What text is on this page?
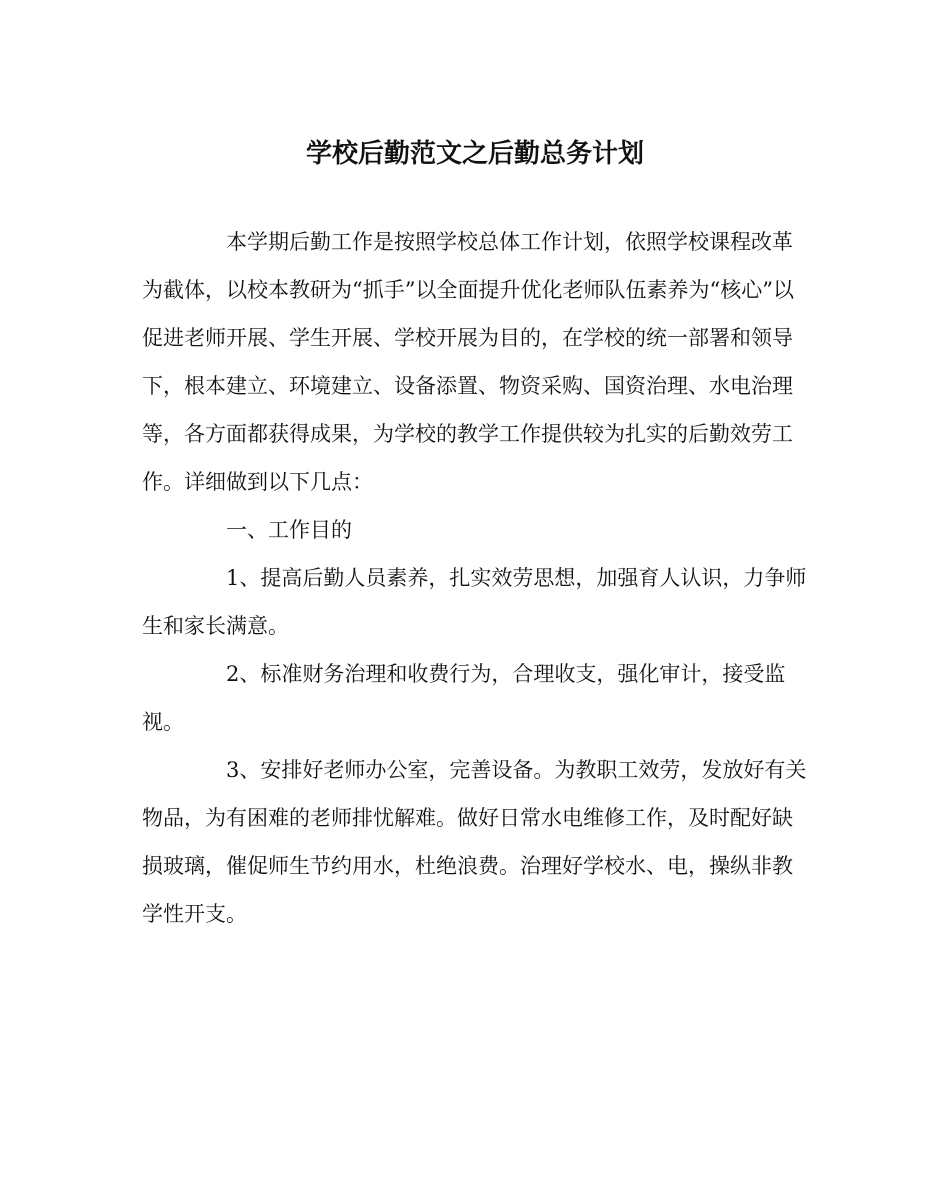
学校后勤范文之后勤总务计划

本学期后勤工作是按照学校总体工作计划，依照学校课程改革为截体，以校本教研为“抓手”以全面提升优化老师队伍素养为“核心”以促进老师开展、学生开展、学校开展为目的，在学校的统一部署和领导下，根本建立、环境建立、设备添置、物资采购、国资治理、水电治理等，各方面都获得成果，为学校的教学工作提供较为扎实的后勤效劳工作。详细做到以下几点：

一、工作目的

1、提高后勤人员素养，扎实效劳思想，加强育人认识，力争师生和家长满意。

2、标准财务治理和收费行为，合理收支，强化审计，接受监视。

3、安排好老师办公室，完善设备。为教职工效劳，发放好有关物品，为有困难的老师排忧解难。做好日常水电维修工作，及时配好缺损玻璃，催促师生节约用水，杜绝浪费。治理好学校水、电，操纵非教学性开支。
